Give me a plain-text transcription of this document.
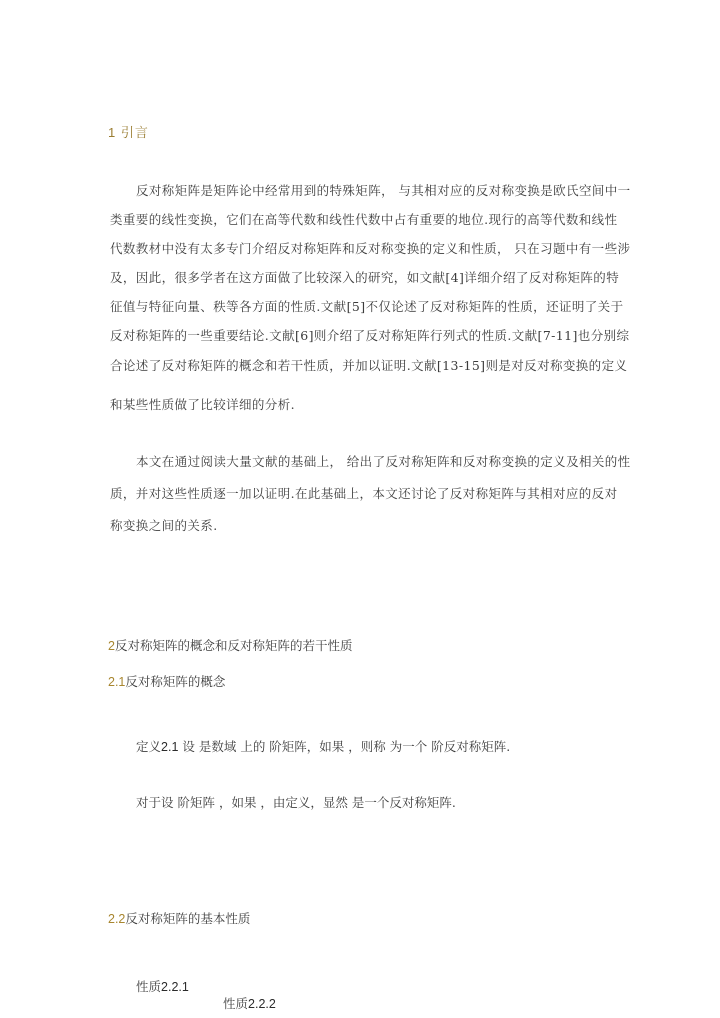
1 引言
反对称矩阵是矩阵论中经常用到的特殊矩阵， 与其相对应的反对称变换是欧氏空间中一
类重要的线性变换，它们在高等代数和线性代数中占有重要的地位.现行的高等代数和线性
代数教材中没有太多专门介绍反对称矩阵和反对称变换的定义和性质， 只在习题中有一些涉
及，因此，很多学者在这方面做了比较深入的研究，如文献[4]详细介绍了反对称矩阵的特
征值与特征向量、秩等各方面的性质.文献[5]不仅论述了反对称矩阵的性质，还证明了关于
反对称矩阵的一些重要结论.文献[6]则介绍了反对称矩阵行列式的性质.文献[7-11]也分别综
合论述了反对称矩阵的概念和若干性质，并加以证明.文献[13-15]则是对反对称变换的定义
和某些性质做了比较详细的分析.
本文在通过阅读大量文献的基础上， 给出了反对称矩阵和反对称变换的定义及相关的性
质，并对这些性质逐一加以证明.在此基础上，本文还讨论了反对称矩阵与其相对应的反对
称变换之间的关系.
2反对称矩阵的概念和反对称矩阵的若干性质
2.1反对称矩阵的概念
定义2.1 设 是数域 上的 阶矩阵，如果 ，则称 为一个 阶反对称矩阵.
对于设 阶矩阵 ，如果 ，由定义，显然 是一个反对称矩阵.
2.2反对称矩阵的基本性质
性质2.2.1
性质2.2.2
